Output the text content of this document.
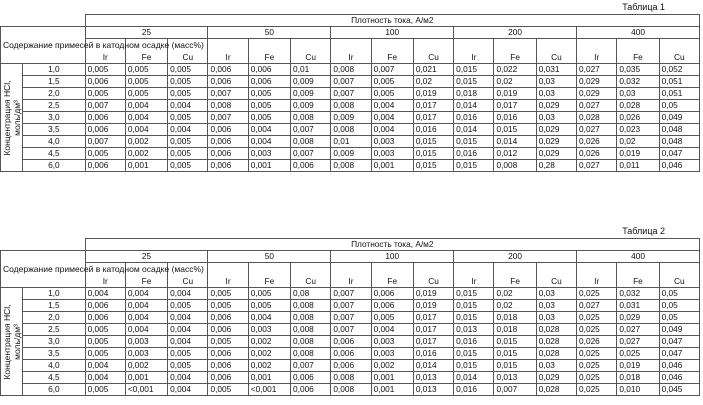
Таблица 1
		Плотность тока, А/м2														
Содержание примесей в катодном осадке (масс%)		25			50			100			200			400		
		Ir	Fe	Cu	Ir	Fe	Cu	Ir	Fe	Cu	Ir	Fe	Cu	Ir	Fe	Cu

Концентрация HCl, моль/дм³	1,0	0,005	0,005	0,005	0,006	0,006	0,01	0,008	0,007	0,021	0,015	0,022	0,031	0,027	0,035	0,052
	1,5	0,006	0,005	0,005	0,006	0,006	0,009	0,007	0,005	0,02	0,015	0,02	0,03	0,029	0,032	0,051
	2,0	0,005	0,005	0,005	0,007	0,005	0,009	0,007	0,005	0,019	0,018	0,019	0,03	0,029	0,03	0,051
	2,5	0,007	0,004	0,004	0,008	0,005	0,009	0,008	0,004	0,017	0,014	0,017	0,029	0,027	0,028	0,05
	3,0	0,006	0,004	0,005	0,007	0,005	0,008	0,009	0,004	0,017	0,016	0,016	0,03	0,028	0,026	0,049
	3,5	0,006	0,004	0,004	0,006	0,004	0,007	0,008	0,004	0,016	0,014	0,015	0,029	0,027	0,023	0,048
	4,0	0,007	0,002	0,005	0,006	0,004	0,008	0,01	0,003	0,015	0,015	0,014	0,029	0,026	0,02	0,048
	4,5	0,005	0,002	0,005	0,006	0,003	0,007	0,009	0,003	0,015	0,016	0,012	0,029	0,026	0,019	0,047
	6,0	0,006	0,001	0,005	0,006	0,001	0,006	0,008	0,001	0,015	0,015	0,008	0,28	0,027	0,011	0,046
Таблица 2
		Плотность тока, А/м2														
Содержание примесей в катодном осадке (масс%)		25			50			100			200			400		
		Ir	Fe	Cu	Ir	Fe	Cu	Ir	Fe	Cu	Ir	Fe	Cu	Ir	Fe	Cu

Концентрация HCl, моль/дм³	1,0	0,004	0,004	0,004	0,005	0,005	0,08	0,007	0,006	0,019	0,015	0,02	0,03	0,025	0,032	0,05
	1,5	0,006	0,004	0,005	0,005	0,005	0,008	0,007	0,006	0,019	0,015	0,02	0,03	0,027	0,031	0,05
	2,0	0,006	0,004	0,004	0,006	0,004	0,008	0,007	0,005	0,017	0,015	0,018	0,03	0,025	0,029	0,05
	2,5	0,005	0,004	0,004	0,006	0,003	0,008	0,007	0,004	0,017	0,013	0,018	0,028	0,025	0,027	0,049
	3,0	0,005	0,003	0,004	0,005	0,002	0,008	0,006	0,003	0,017	0,016	0,015	0,028	0,026	0,027	0,047
	3,5	0,005	0,003	0,005	0,006	0,002	0,008	0,006	0,003	0,016	0,015	0,015	0,028	0,025	0,025	0,047
	4,0	0,004	0,002	0,005	0,006	0,002	0,007	0,006	0,002	0,014	0,015	0,015	0,03	0,025	0,019	0,046
	4,5	0,004	0,001	0,004	0,006	0,001	0,006	0,008	0,001	0,013	0,014	0,013	0,029	0,025	0,018	0,046
	6,0	0,005	<0,001	0,004	0,005	<0,001	0,006	0,008	0,001	0,013	0,016	0,007	0,028	0,025	0,010	0,045
